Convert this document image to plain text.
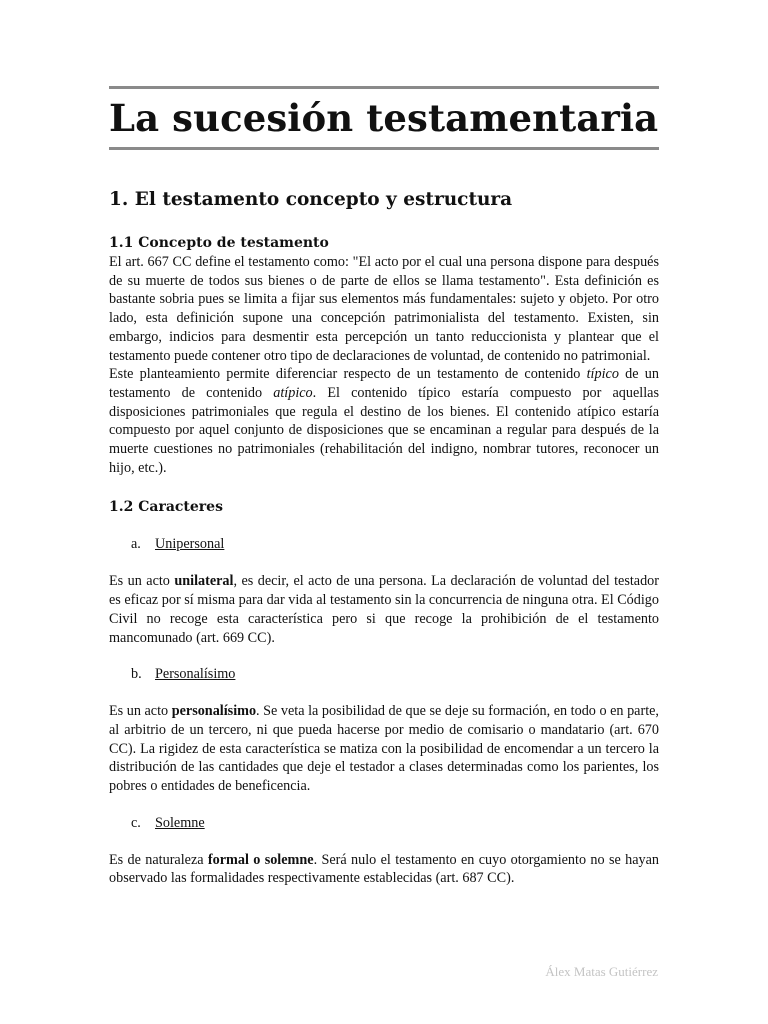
La sucesión testamentaria
1. El testamento concepto y estructura
1.1 Concepto de testamento

El art. 667 CC define el testamento como: "El acto por el cual una persona dispone para después de su muerte de todos sus bienes o de parte de ellos se llama testamento". Esta definición es bastante sobria pues se limita a fijar sus elementos más fundamentales: sujeto y objeto. Por otro lado, esta definición supone una concepción patrimonialista del testamento. Existen, sin embargo, indicios para desmentir esta percepción un tanto reduccionista y plantear que el testamento puede contener otro tipo de declaraciones de voluntad, de contenido no patrimonial.

Este planteamiento permite diferenciar respecto de un testamento de contenido típico de un testamento de contenido atípico. El contenido típico estaría compuesto por aquellas disposiciones patrimoniales que regula el destino de los bienes. El contenido atípico estaría compuesto por aquel conjunto de disposiciones que se encaminan a regular para después de la muerte cuestiones no patrimoniales (rehabilitación del indigno, nombrar tutores, reconocer un hijo, etc.).

1.2 Caracteres
a. Unipersonal

Es un acto unilateral, es decir, el acto de una persona. La declaración de voluntad del testador es eficaz por sí misma para dar vida al testamento sin la concurrencia de ninguna otra. El Código Civil no recoge esta característica pero si que recoge la prohibición de el testamento mancomunado (art. 669 CC).

b. Personalísimo

Es un acto personalísimo. Se veta la posibilidad de que se deje su formación, en todo o en parte, al arbitrio de un tercero, ni que pueda hacerse por medio de comisario o mandatario (art. 670 CC). La rigidez de esta característica se matiza con la posibilidad de encomendar a un tercero la distribución de las cantidades que deje el testador a clases determinadas como los parientes, los pobres o entidades de beneficencia.

c. Solemne

Es de naturaleza formal o solemne. Será nulo el testamento en cuyo otorgamiento no se hayan observado las formalidades respectivamente establecidas (art. 687 CC).

Álex Matas Gutiérrez
